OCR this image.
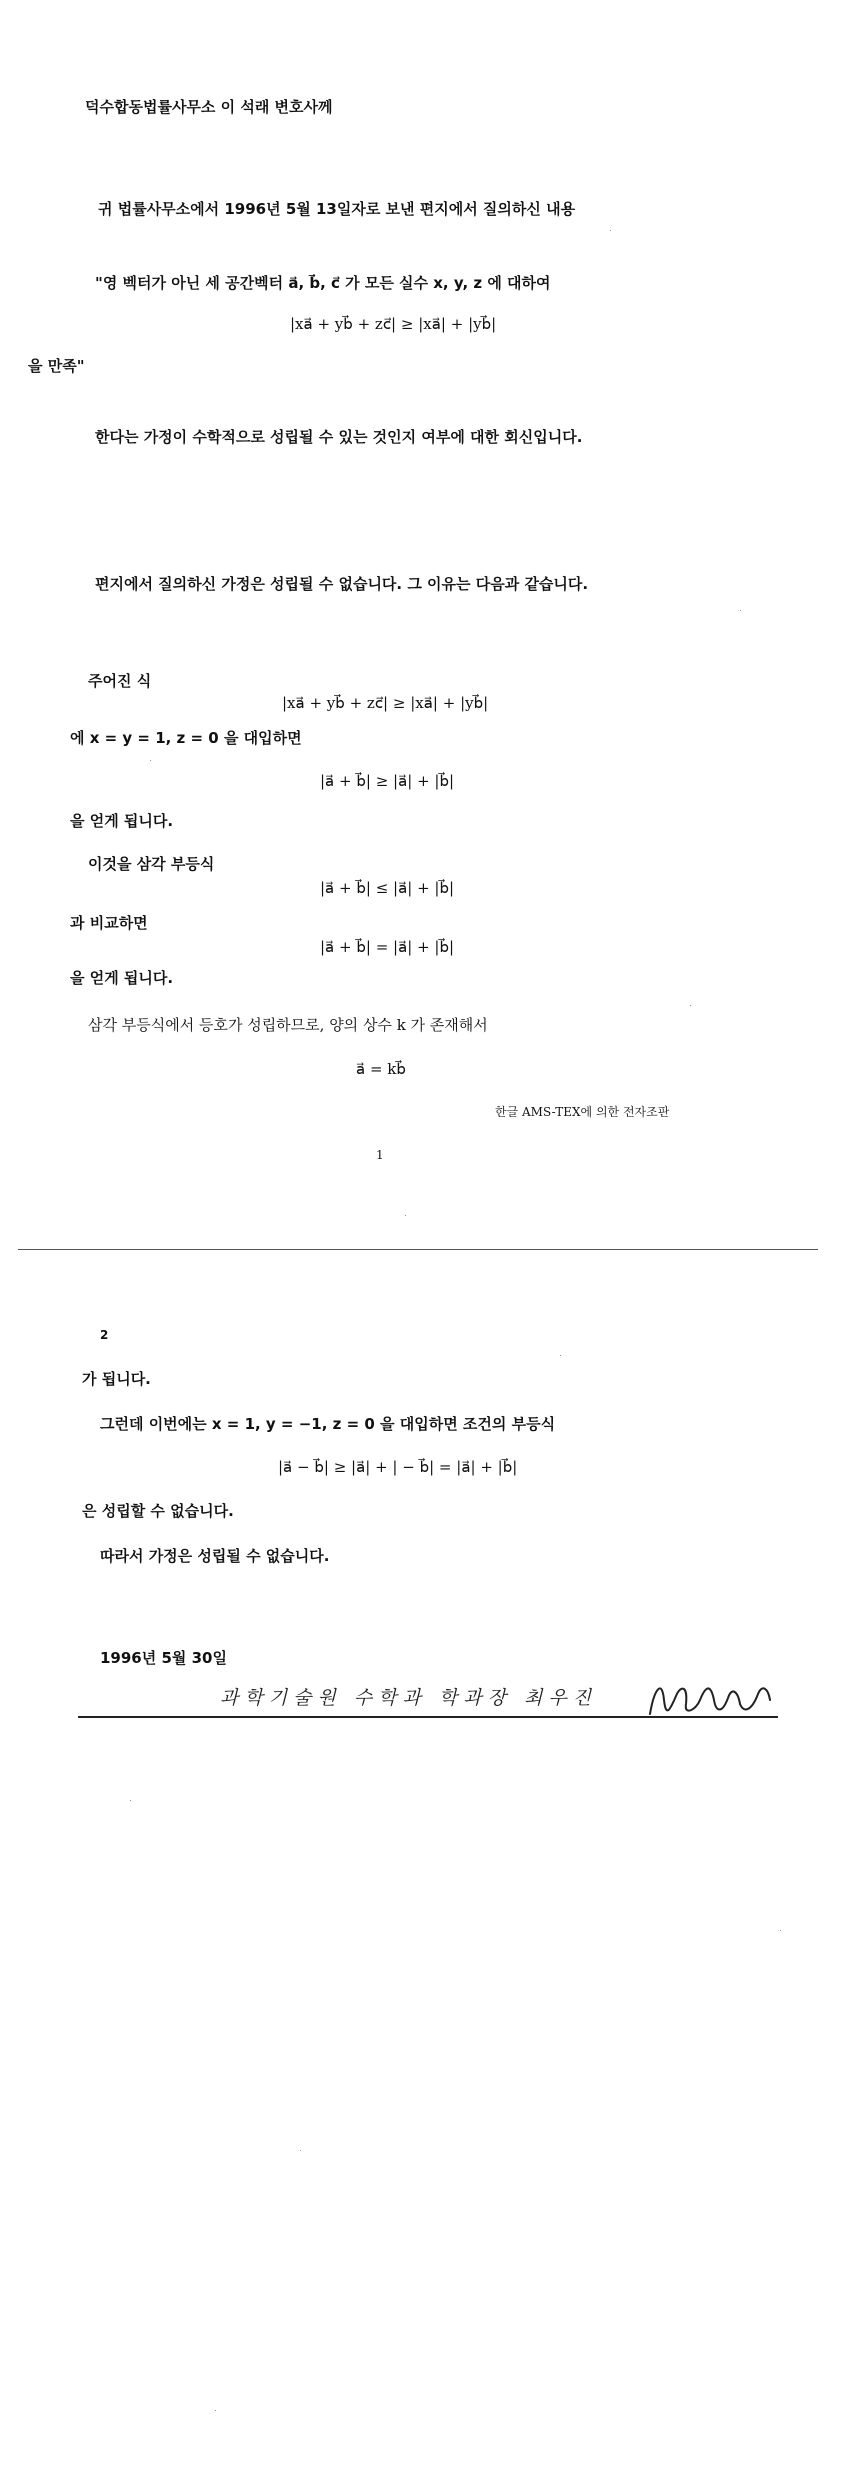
덕수합동법률사무소 이 석래 변호사께
귀 법률사무소에서 1996년 5월 13일자로 보낸 편지에서 질의하신 내용
"영 벡터가 아닌 세 공간벡터 a⃗, b⃗, c⃗ 가 모든 실수 x, y, z 에 대하여
|xa⃗ + yb⃗ + zc⃗| ≥ |xa⃗| + |yb⃗|
을 만족"
한다는 가정이 수학적으로 성립될 수 있는 것인지 여부에 대한 회신입니다.
편지에서 질의하신 가정은 성립될 수 없습니다. 그 이유는 다음과 같습니다.
주어진 식
|xa⃗ + yb⃗ + zc⃗| ≥ |xa⃗| + |yb⃗|
에 x = y = 1, z = 0 을 대입하면
|a⃗ + b⃗| ≥ |a⃗| + |b⃗|
을 얻게 됩니다.
이것을 삼각 부등식
|a⃗ + b⃗| ≤ |a⃗| + |b⃗|
과 비교하면
|a⃗ + b⃗| = |a⃗| + |b⃗|
을 얻게 됩니다.
삼각 부등식에서 등호가 성립하므로, 양의 상수 k 가 존재해서
a⃗ = kb⃗
한글 AMS-TEX에 의한 전자조판
1
2
가 됩니다.
그런데 이번에는 x = 1, y = −1, z = 0 을 대입하면 조건의 부등식
|a⃗ − b⃗| ≥ |a⃗| + | − b⃗| = |a⃗| + |b⃗|
은 성립할 수 없습니다.
따라서 가정은 성립될 수 없습니다.
1996년 5월 30일
과학기술원 수학과 학과장 최우진
